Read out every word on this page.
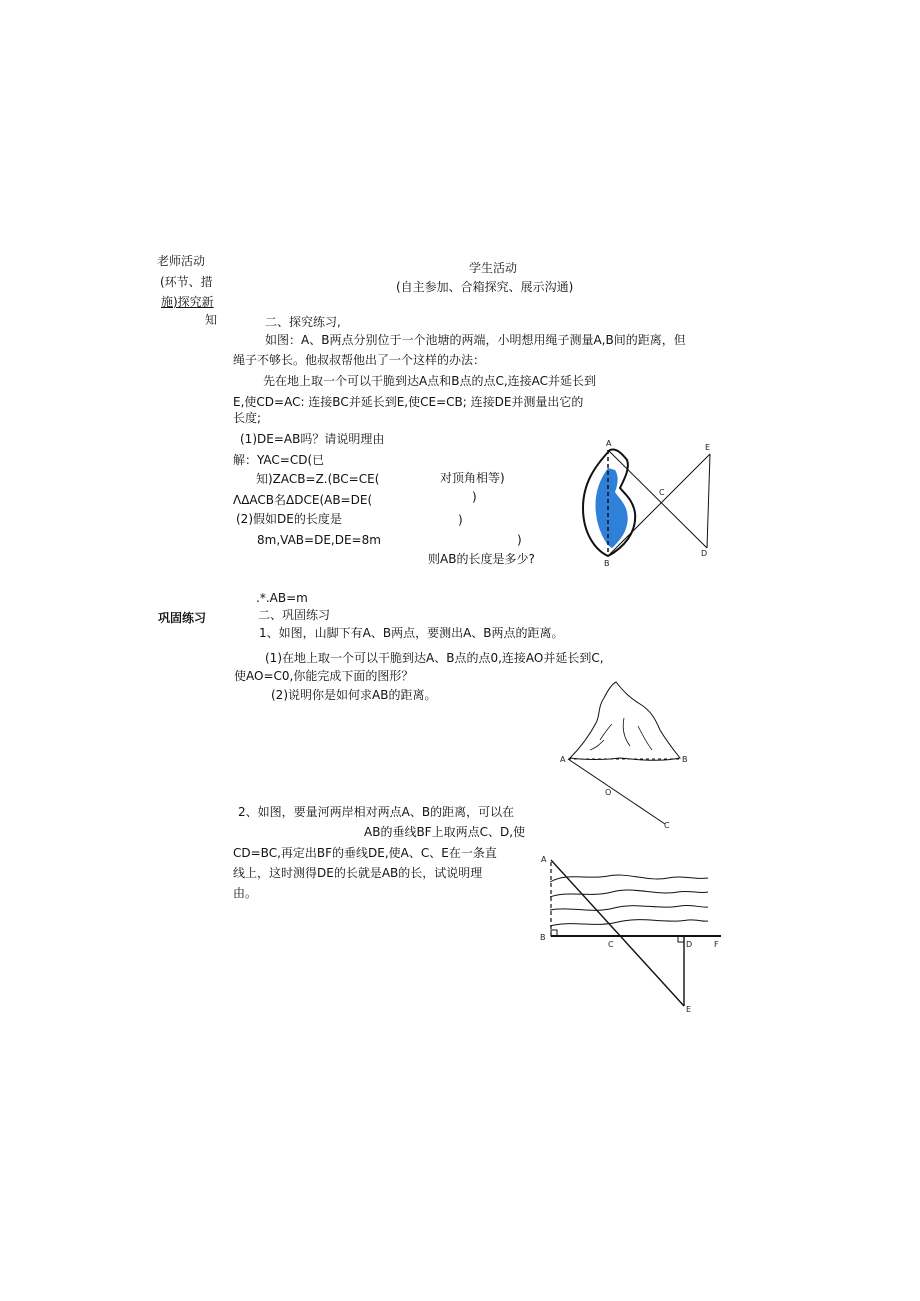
老师活动
(环节、措
施)探究新
知
巩固练习
学生活动
(自主参加、合箱探究、展示沟通)
二、探究练习,
如图：A、B两点分别位于一个池塘的两端，小明想用绳子测量A,B间的距离，但
绳子不够长。他叔叔帮他出了一个这样的办法：
先在地上取一个可以干脆到达A点和B点的点C,连接AC并延长到
E,使CD=AC: 连接BC并延长到E,使CE=CB; 连接DE并测量出它的
长度;
(1)DE=AB吗？请说明理由
解：YAC=CD(已
知)ZACB=Z.(BC=CE(	对顶角相等)
ΛΔACB名ΔDCE(AB=DE(	)
(2)假如DE的长度是	)
8m,VAB=DE,DE=8m	)
则AB的长度是多少?
.*.AB=m
二、巩固练习
1、如图，山脚下有A、B两点，要测出A、B两点的距离。
(1)在地上取一个可以干脆到达A、B点的点0,连接AO并延长到C,
使AO=C0,你能完成下面的图形？
(2)说明你是如何求AB的距离。
2、如图，要量河两岸相对两点A、B的距离，可以在
AB的垂线BF上取两点C、D,使
CD=BC,再定出BF的垂线DE,使A、C、E在一条直
线上，这时测得DE的长就是AB的长，试说明理
由。
A
B
C
D
E
A	B
O
C
A
B
C	D
E
F
